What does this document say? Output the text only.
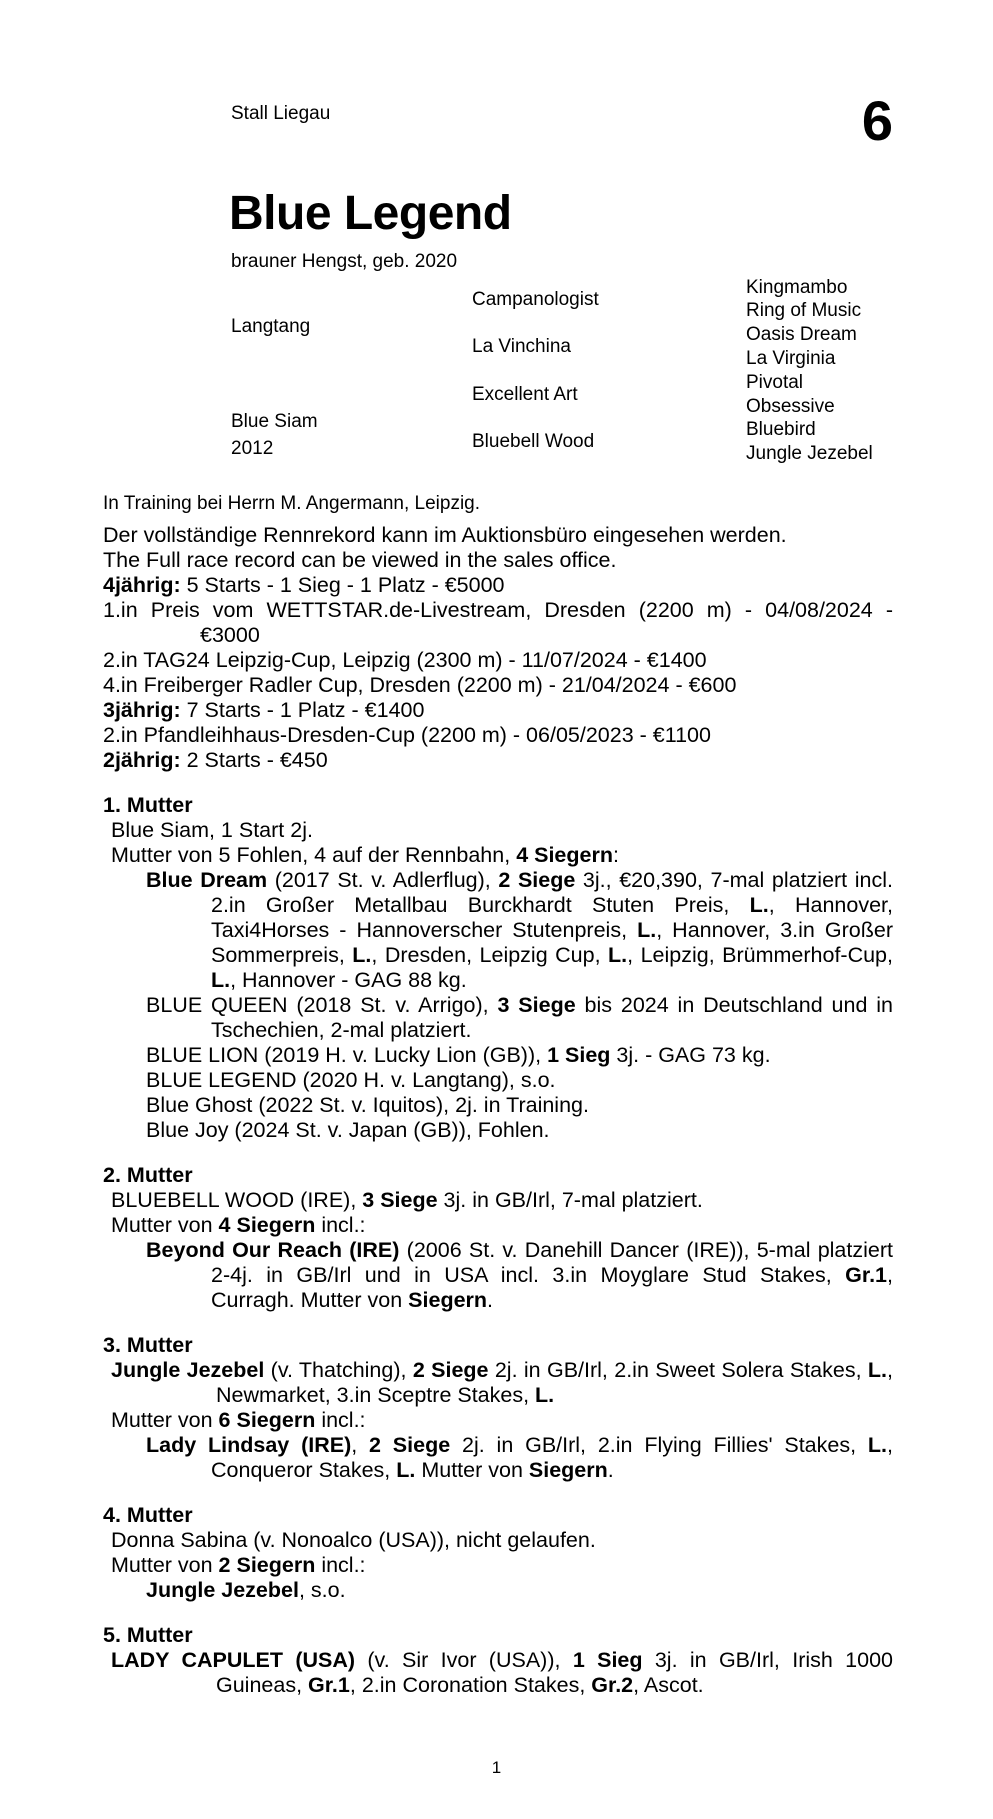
Stall Liegau	6
Blue Legend
brauner Hengst, geb. 2020
Langtang
Blue Siam
2012
Campanologist
La Vinchina
Excellent Art
Bluebell Wood
Kingmambo
Ring of Music
Oasis Dream
La Virginia
Pivotal
Obsessive
Bluebird
Jungle Jezebel
In Training bei Herrn M. Angermann, Leipzig.

Der vollständige Rennrekord kann im Auktionsbüro eingesehen werden.

The Full race record can be viewed in the sales office.

4jährig: 5 Starts - 1 Sieg - 1 Platz - €5000

1.in Preis vom WETTSTAR.de-Livestream, Dresden (2200 m) - 04/08/2024 - €3000

2.in TAG24 Leipzig-Cup, Leipzig (2300 m) - 11/07/2024 - €1400

4.in Freiberger Radler Cup, Dresden (2200 m) - 21/04/2024 - €600

3jährig: 7 Starts - 1 Platz - €1400

2.in Pfandleihhaus-Dresden-Cup (2200 m) - 06/05/2023 - €1100

2jährig: 2 Starts - €450

1. Mutter

Blue Siam, 1 Start 2j.

Mutter von 5 Fohlen, 4 auf der Rennbahn, 4 Siegern:

Blue Dream (2017 St. v. Adlerflug), 2 Siege 3j., €20,390, 7-mal platziert incl. 2.in Großer Metallbau Burckhardt Stuten Preis, L., Hannover, Taxi4Horses - Hannoverscher Stutenpreis, L., Hannover, 3.in Großer Sommerpreis, L., Dresden, Leipzig Cup, L., Leipzig, Brümmerhof-Cup, L., Hannover - GAG 88 kg.

BLUE QUEEN (2018 St. v. Arrigo), 3 Siege bis 2024 in Deutschland und in Tschechien, 2-mal platziert.

BLUE LION (2019 H. v. Lucky Lion (GB)), 1 Sieg 3j. - GAG 73 kg.

BLUE LEGEND (2020 H. v. Langtang), s.o.

Blue Ghost (2022 St. v. Iquitos), 2j. in Training.

Blue Joy (2024 St. v. Japan (GB)), Fohlen.

2. Mutter

BLUEBELL WOOD (IRE), 3 Siege 3j. in GB/Irl, 7-mal platziert.

Mutter von 4 Siegern incl.:

Beyond Our Reach (IRE) (2006 St. v. Danehill Dancer (IRE)), 5-mal platziert 2-4j. in GB/Irl und in USA incl. 3.in Moyglare Stud Stakes, Gr.1, Curragh. Mutter von Siegern.

3. Mutter

Jungle Jezebel (v. Thatching), 2 Siege 2j. in GB/Irl, 2.in Sweet Solera Stakes, L., Newmarket, 3.in Sceptre Stakes, L.

Mutter von 6 Siegern incl.:

Lady Lindsay (IRE), 2 Siege 2j. in GB/Irl, 2.in Flying Fillies' Stakes, L., Conqueror Stakes, L. Mutter von Siegern.

4. Mutter

Donna Sabina (v. Nonoalco (USA)), nicht gelaufen.

Mutter von 2 Siegern incl.:

Jungle Jezebel, s.o.

5. Mutter

LADY CAPULET (USA) (v. Sir Ivor (USA)), 1 Sieg 3j. in GB/Irl, Irish 1000 Guineas, Gr.1, 2.in Coronation Stakes, Gr.2, Ascot.

1
